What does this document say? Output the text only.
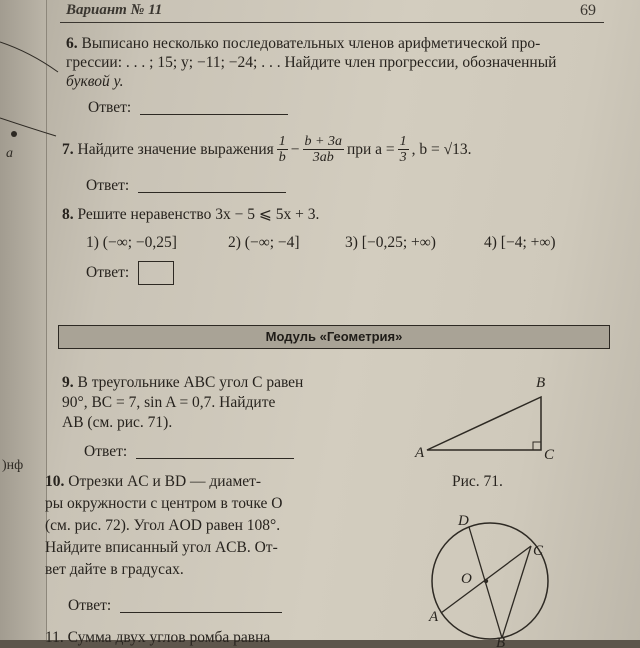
a
)нф
Вариант № 11	69
6. Выписано несколько последовательных членов арифметической про-
грессии: . . . ; 15; y; −11; −24; . . . Найдите член прогрессии, обозначенный
буквой y.
Ответ:
7.
Найдите значение выражения $\frac{1}{b} - \frac{b + 3a}{3ab}$ при $a = \frac{1}{3}$ , b = √13.
Ответ:
8. Решите неравенство 3x − 5 ⩽ 5x + 3.
1) (−∞; −0,25]	2) (−∞; −4]	3) [−0,25; +∞)	4) [−4; +∞)
Ответ:
Модуль «Геометрия»
9. В треугольнике ABC угол C равен
90°, BC = 7, sin A = 0,7. Найдите
AB (см. рис. 71).
Ответ:	A
B
C
Рис. 71.
10. Отрезки AC и BD — диамет-
ры окружности с центром в точке O
(см. рис. 72). Угол AOD равен 108°.
Найдите вписанный угол ACB. От-
вет дайте в градусах.
Ответ:
D
C
O
A
B
11. Сумма двух углов ромба равна
